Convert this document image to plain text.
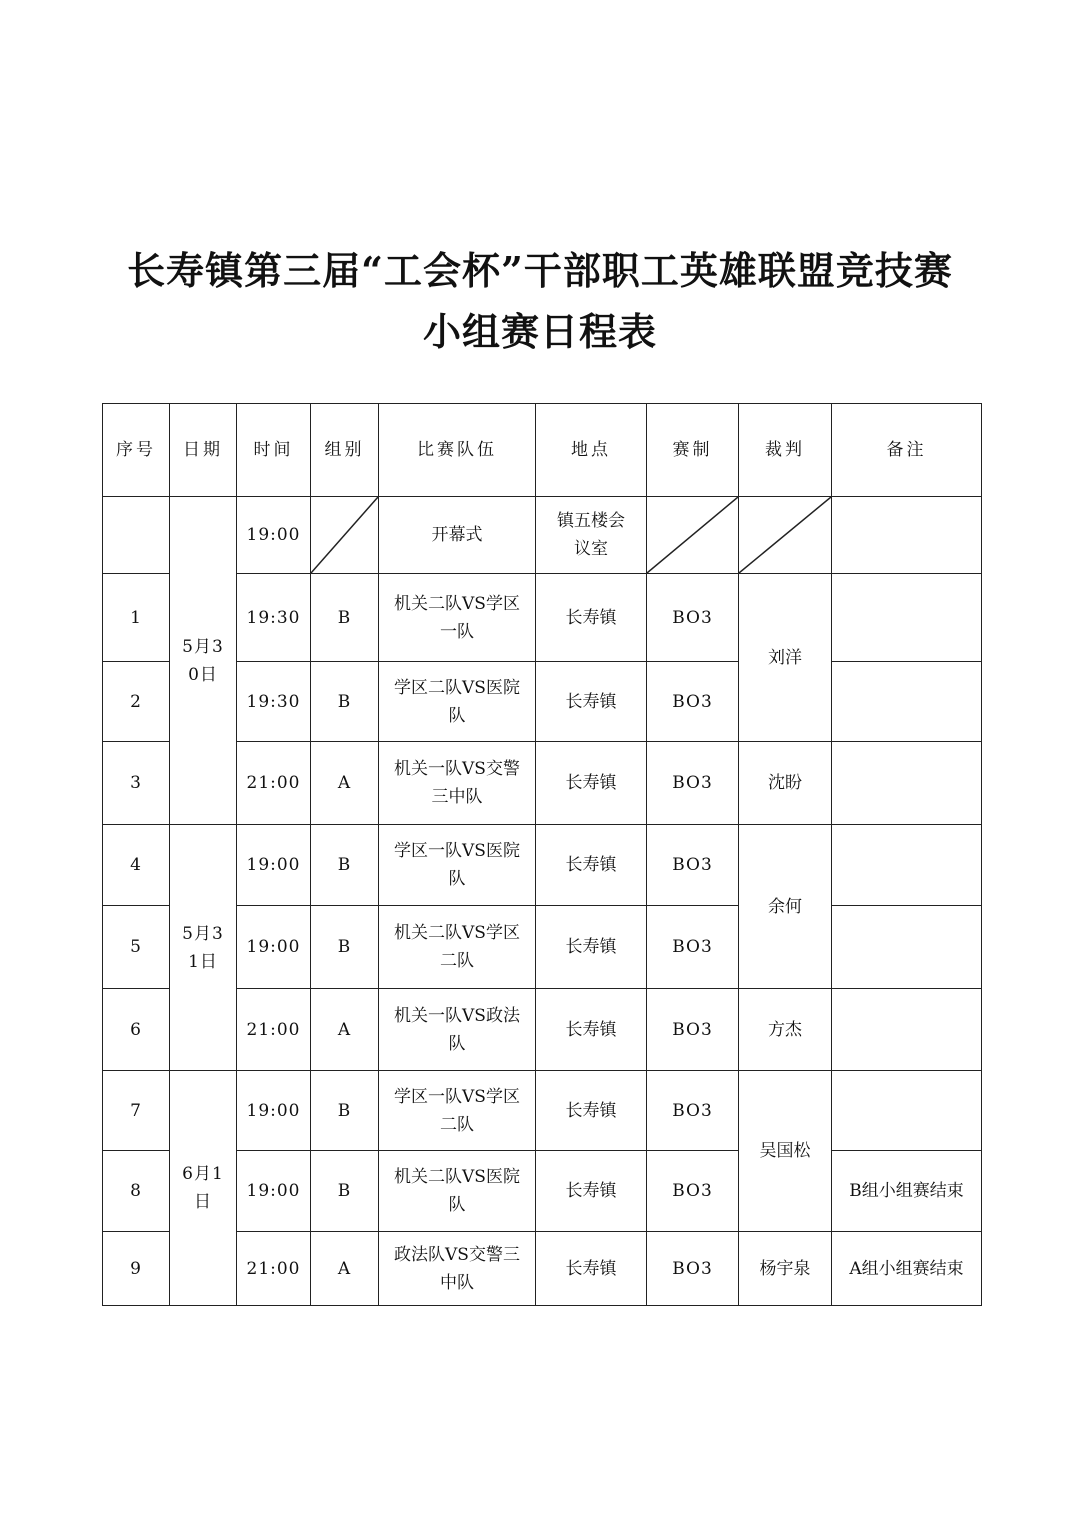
长寿镇第三届“工会杯”干部职工英雄联盟竞技赛
小组赛日程表
序号	日期	时间	组别	比赛队伍	地点	赛制	裁判	备注
	5月30日	19:00		开幕式	镇五楼会议室	

1		19:30	B	机关二队VS学区一队	长寿镇	BO3	刘洋	
2		19:30	B	学区二队VS医院队	长寿镇	BO3		
3		21:00	A	机关一队VS交警三中队	长寿镇	BO3	沈盼	
4	5月31日	19:00	B	学区一队VS医院队	长寿镇	BO3	余何	
5		19:00	B	机关二队VS学区二队	长寿镇	BO3		
6		21:00	A	机关一队VS政法队	长寿镇	BO3	方杰	
7	6月1日	19:00	B	学区一队VS学区二队	长寿镇	BO3	吴国松	
8		19:00	B	机关二队VS医院队	长寿镇	BO3		B组小组赛结束
9		21:00	A	政法队VS交警三中队	长寿镇	BO3	杨宇泉	A组小组赛结束
